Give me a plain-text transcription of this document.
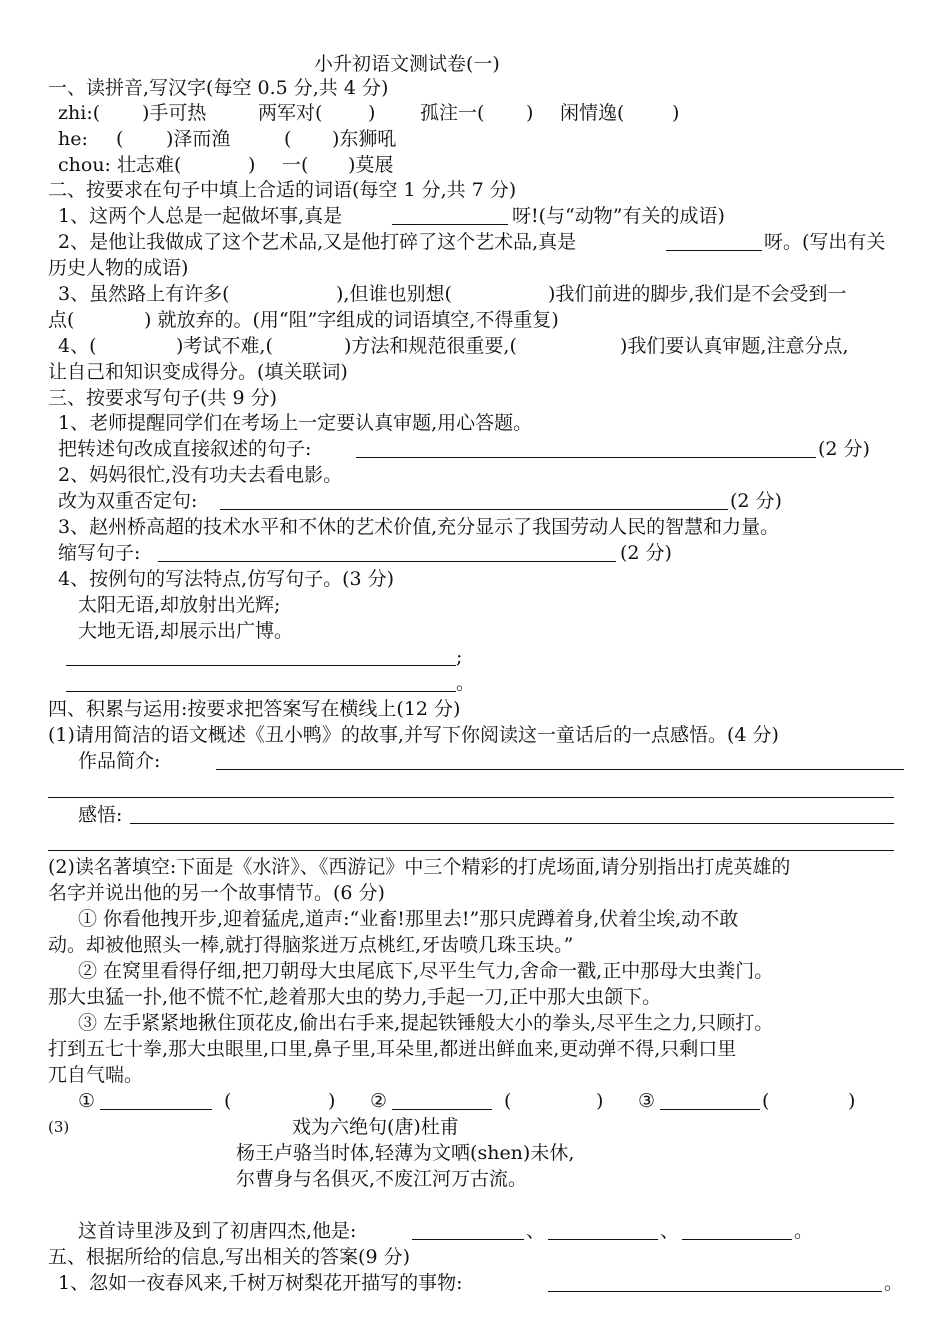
小升初语文测试卷(一)
一、读拼音,写汉字(每空 0.5 分,共 4 分)
zhi:( )手可热	两军对( ) 孤注一( ) 闲情逸(	)
he: ( )泽而渔	( )东狮吼
chou: 壮志难(	) 一( )莫展
二、按要求在句子中填上合适的词语(每空 1 分,共 7 分)
1、这两个人总是一起做坏事,真是	呀!(与“动物”有关的成语)
2、是他让我做成了这个艺术品,又是他打碎了这个艺术品,真是	呀。(写出有关
历史人物的成语)
3、虽然路上有许多(	),但谁也别想(	)我们前进的脚步,我们是不会受到一
点(	) 就放弃的。(用“阻”字组成的词语填空,不得重复)
4、(	)考试不难,(	)方法和规范很重要,(	)我们要认真审题,注意分点,
让自己和知识变成得分。(填关联词)
三、按要求写句子(共 9 分)
1、老师提醒同学们在考场上一定要认真审题,用心答题。
把转述句改成直接叙述的句子:	(2 分)
2、妈妈很忙,没有功夫去看电影。
改为双重否定句:	(2 分)
3、赵州桥高超的技术水平和不休的艺术价值,充分显示了我国劳动人民的智慧和力量。
缩写句子:	(2 分)
4、按例句的写法特点,仿写句子。(3 分)
太阳无语,却放射出光辉;
大地无语,却展示出广博。
;
。
四、积累与运用:按要求把答案写在横线上(12 分)
(1)请用简洁的语文概述《丑小鸭》的故事,并写下你阅读这一童话后的一点感悟。(4 分)
作品简介:
感悟:
(2)读名著填空:下面是《水浒》、《西游记》中三个精彩的打虎场面,请分别指出打虎英雄的
名字并说出他的另一个故事情节。(6 分)
① 你看他拽开步,迎着猛虎,道声:“业畜!那里去!”那只虎蹲着身,伏着尘埃,动不敢
动。却被他照头一棒,就打得脑浆迸万点桃红,牙齿喷几珠玉块。”
② 在窝里看得仔细,把刀朝母大虫尾底下,尽平生气力,舍命一戳,正中那母大虫粪门。
那大虫猛一扑,他不慌不忙,趁着那大虫的势力,手起一刀,正中那大虫颌下。
③ 左手紧紧地揪住顶花皮,偷出右手来,提起铁锤般大小的拳头,尽平生之力,只顾打。
打到五七十拳,那大虫眼里,口里,鼻子里,耳朵里,都迸出鲜血来,更动弹不得,只剩口里
兀自气喘。
①	(	) ②	(	) ③	(	)
(3)	戏为六绝句(唐)杜甫
杨王卢骆当时体,轻薄为文哂(shen)未休,
尔曹身与名俱灭,不废江河万古流。
这首诗里涉及到了初唐四杰,他是:	、	、	。
五、根据所给的信息,写出相关的答案(9 分)
1、忽如一夜春风来,千树万树梨花开描写的事物:	。
